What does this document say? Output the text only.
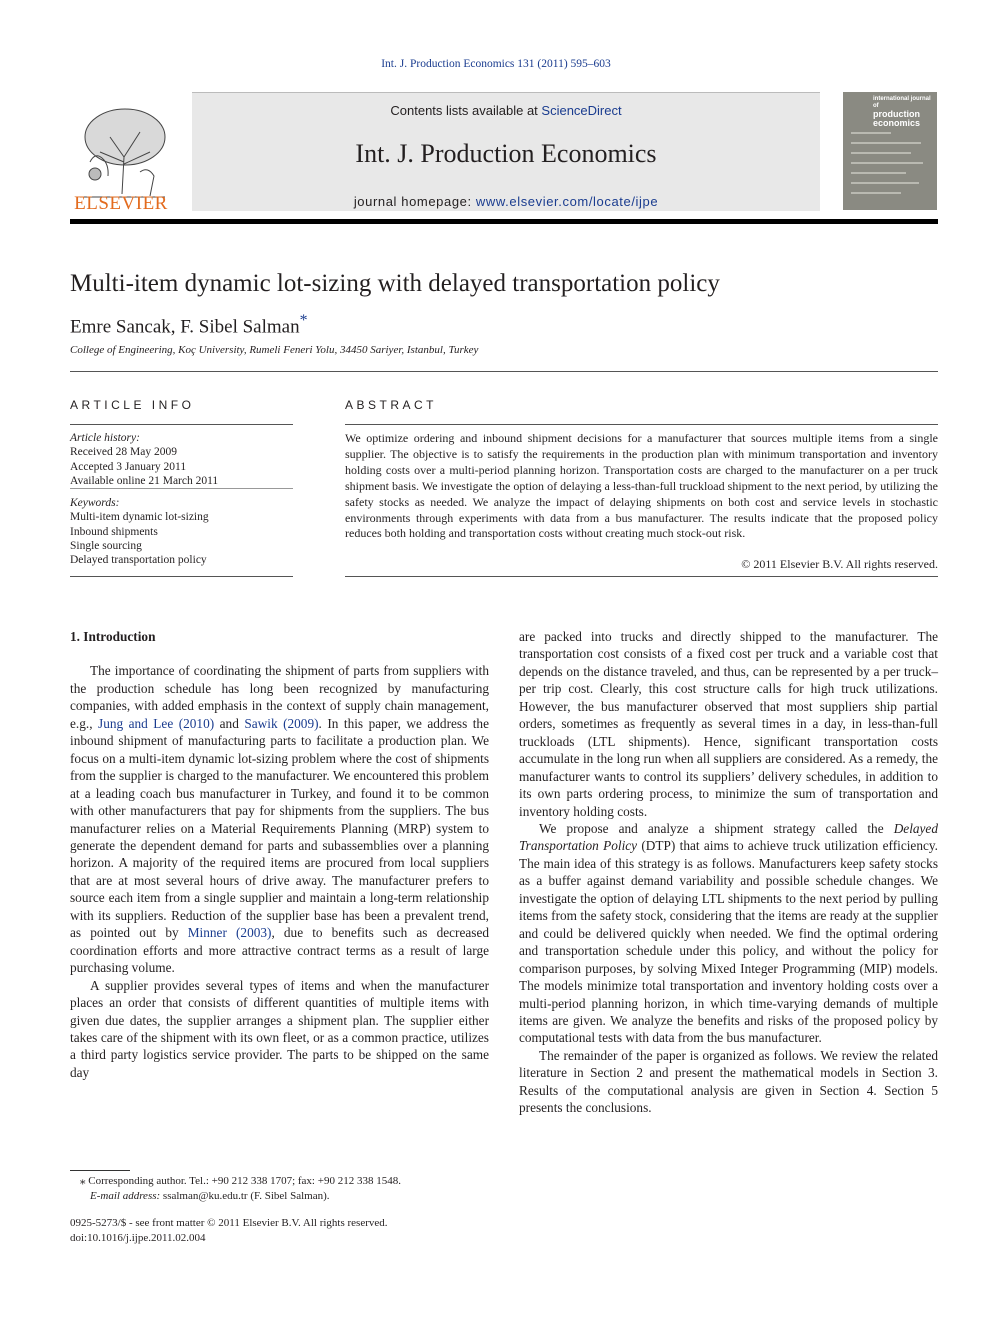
Int. J. Production Economics 131 (2011) 595–603
ELSEVIER
Contents lists available at ScienceDirect
Int. J. Production Economics
journal homepage: www.elsevier.com/locate/ijpe
international journal of
production
economics
Multi-item dynamic lot-sizing with delayed transportation policy
Emre Sancak, F. Sibel Salman*
College of Engineering, Koç University, Rumeli Feneri Yolu, 34450 Sariyer, Istanbul, Turkey
ARTICLE INFO	ABSTRACT
Article history:
Received 28 May 2009
Accepted 3 January 2011
Available online 21 March 2011
Keywords:
Multi-item dynamic lot-sizing
Inbound shipments
Single sourcing
Delayed transportation policy
We optimize ordering and inbound shipment decisions for a manufacturer that sources multiple items from a single supplier. The objective is to satisfy the requirements in the production plan with minimum transportation and inventory holding costs over a multi-period planning horizon. Transportation costs are charged to the manufacturer on a per truck shipment basis. We investigate the option of delaying a less-than-full truckload shipment to the next period, by utilizing the safety stocks as needed. We analyze the impact of delaying shipments on both cost and service levels in stochastic environments through experiments with data from a bus manufacturer. The results indicate that the proposed policy reduces both holding and transportation costs without creating much stock-out risk.
© 2011 Elsevier B.V. All rights reserved.

1. Introduction

The importance of coordinating the shipment of parts from suppliers with the production schedule has long been recognized by manufacturing companies, with added emphasis in the context of supply chain management, e.g., Jung and Lee (2010) and Sawik (2009). In this paper, we address the inbound shipment of manufacturing parts to facilitate a production plan. We focus on a multi-item dynamic lot-sizing problem where the cost of shipments from the supplier is charged to the manufacturer. We encountered this problem at a leading coach bus manufacturer in Turkey, and found it to be common with other manufacturers that pay for shipments from the suppliers. The bus manufacturer relies on a Material Requirements Planning (MRP) system to generate the dependent demand for parts and subassemblies over a planning horizon. A majority of the required items are procured from local suppliers that are at most several hours of drive away. The manufacturer prefers to source each item from a single supplier and maintain a long-term relationship with its suppliers. Reduction of the supplier base has been a prevalent trend, as pointed out by Minner (2003), due to benefits such as decreased coordination efforts and more attractive contract terms as a result of large purchasing volume.

A supplier provides several types of items and when the manufacturer places an order that consists of different quantities of multiple items with given due dates, the supplier arranges a shipment plan. The supplier either takes care of the shipment with its own fleet, or as a common practice, utilizes a third party logistics service provider. The parts to be shipped on the same day

are packed into trucks and directly shipped to the manufacturer. The transportation cost consists of a fixed cost per truck and a variable cost that depends on the distance traveled, and thus, can be represented by a per truck–per trip cost. Clearly, this cost structure calls for high truck utilizations. However, the bus manufacturer observed that most suppliers ship partial orders, sometimes as frequently as several times in a day, in less-than-full truckloads (LTL shipments). Hence, significant transportation costs accumulate in the long run when all suppliers are considered. As a remedy, the manufacturer wants to control its suppliers’ delivery schedules, in addition to its own parts ordering process, to minimize the sum of transportation and inventory holding costs.

We propose and analyze a shipment strategy called the Delayed Transportation Policy (DTP) that aims to achieve truck utilization efficiency. The main idea of this strategy is as follows. Manufacturers keep safety stocks as a buffer against demand variability and possible schedule changes. We investigate the option of delaying LTL shipments to the next period by pulling items from the safety stock, considering that the items are ready at the supplier and could be delivered quickly when needed. We find the optimal ordering and transportation schedule under this policy, and without the policy for comparison purposes, by solving Mixed Integer Programming (MIP) models. The models minimize total transportation and inventory holding costs over a multi-period planning horizon, in which time-varying demands of multiple items are given. We analyze the benefits and risks of the proposed policy by computational tests with data from the bus manufacturer.

The remainder of the paper is organized as follows. We review the related literature in Section 2 and present the mathematical models in Section 3. Results of the computational analysis are given in Section 4. Section 5 presents the conclusions.

⁎ Corresponding author. Tel.: +90 212 338 1707; fax: +90 212 338 1548.
E-mail address: ssalman@ku.edu.tr (F. Sibel Salman).
0925-5273/$ - see front matter © 2011 Elsevier B.V. All rights reserved.
doi:10.1016/j.ijpe.2011.02.004
